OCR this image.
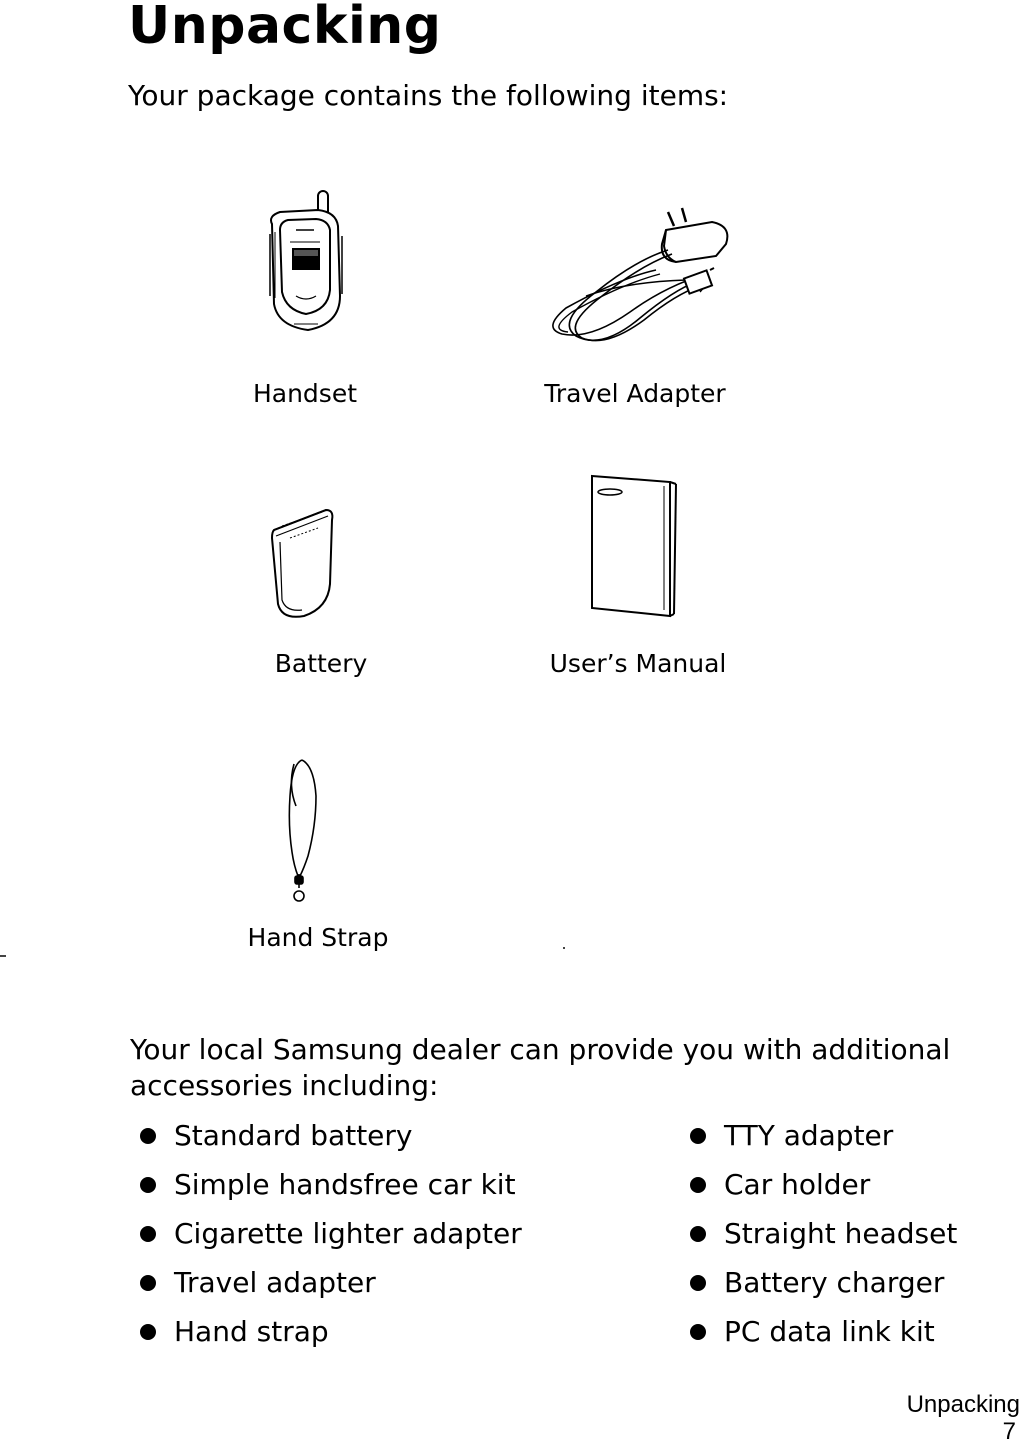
Unpacking

Your package contains the following items:

Handset	Travel Adapter
Battery	User’s Manual
Hand Strap

Your local Samsung dealer can provide you with additional accessories including:

Standard battery
Simple handsfree car kit
Cigarette lighter adapter
Travel adapter
Hand strap
TTY adapter
Car holder
Straight headset
Battery charger
PC data link kit
Unpacking
7
